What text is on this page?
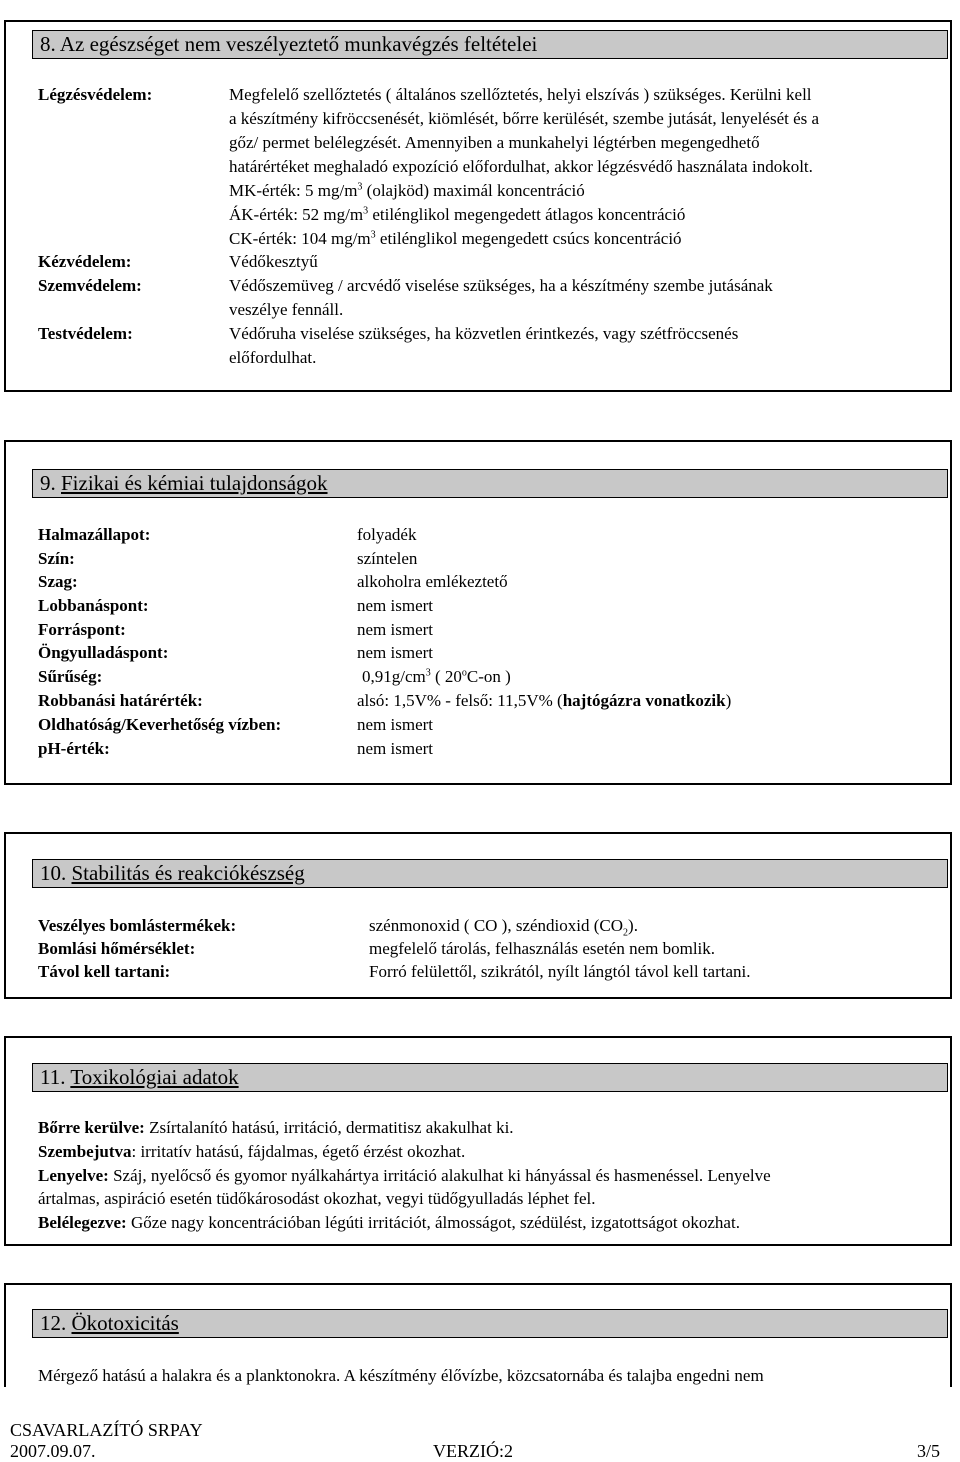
8. Az egészséget nem veszélyeztető munkavégzés feltételei
Légzésvédelem:	Megfelelő szellőztetés ( általános szellőztetés, helyi elszívás ) szükséges. Kerülni kell
a készítmény kifröccsenését, kiömlését, bőrre kerülését, szembe jutását, lenyelését és a
gőz/ permet belélegzését. Amennyiben a munkahelyi légtérben megengedhető
határértéket meghaladó expozíció előfordulhat, akkor légzésvédő használata indokolt.
MK-érték: 5 $mg/m^3$ (olajköd) maximál koncentráció
ÁK-érték: 52 $mg/m^3$ etilénglikol megengedett átlagos koncentráció
CK-érték: 104 $mg/m^3$ etilénglikol megengedett csúcs koncentráció
Kézvédelem:	Védőkesztyű
Szemvédelem:	Védőszemüveg / arcvédő viselése szükséges, ha a készítmény szembe jutásának
veszélye fennáll.
Testvédelem:	Védőruha viselése szükséges, ha közvetlen érintkezés, vagy szétfröccsenés
előfordulhat.
9. Fizikai és kémiai tulajdonságok
Halmazállapot:	folyadék
Szín:	színtelen
Szag:	alkoholra emlékeztető
Lobbanáspont:	nem ismert
Forráspont:	nem ismert
Öngyulladáspont:	nem ismert
Sűrűség:	$0,91g/cm^3$ ( 20$^o$C-on )
Robbanási határérték:	alsó: 1,5V% - felső: 11,5V% (hajtógázra vonatkozik)
Oldhatóság/Keverhetőség vízben:	nem ismert
pH-érték:	nem ismert
10. Stabilitás és reakciókészség
Veszélyes bomlástermékek:	szénmonoxid ( CO ), széndioxid $(CO_2)$.
Bomlási hőmérséklet:	megfelelő tárolás, felhasználás esetén nem bomlik.
Távol kell tartani:	Forró felülettől, szikrától, nyílt lángtól távol kell tartani.
11. Toxikológiai adatok
Bőrre kerülve: Zsírtalanító hatású, irritáció, dermatitisz akakulhat ki.
Szembejutva: irritatív hatású, fájdalmas, égető érzést okozhat.
Lenyelve: Száj, nyelőcső és gyomor nyálkahártya irritáció alakulhat ki hányással és hasmenéssel. Lenyelve
ártalmas, aspiráció esetén tüdőkárosodást okozhat, vegyi tüdőgyulladás léphet fel.
Belélegezve: Gőze nagy koncentrációban légúti irritációt, álmosságot, szédülést, izgatottságot okozhat.
12. Ökotoxicitás
Mérgező hatású a halakra és a planktonokra. A készítmény élővízbe, közcsatornába és talajba engedni nem
CSAVARLAZÍTÓ SRPAY
2007.09.07.	VERZIÓ:2	3/5
